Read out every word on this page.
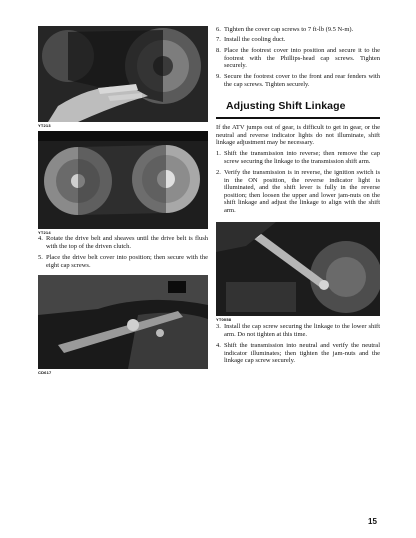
YT213
YT214
4. Rotate the drive belt and sheaves until the drive belt is flush with the top of the driven clutch.
5. Place the drive belt cover into position; then secure with the eight cap screws.
CD617
6. Tighten the cover cap screws to 7 ft-lb (9.5 N-m).
7. Install the cooling duct.
8. Place the footrest cover into position and secure it to the footrest with the Phillips-head cap screws. Tighten securely.
9. Secure the footrest cover to the front and rear fenders with the cap screws. Tighten securely.
Adjusting Shift Linkage
If the ATV jumps out of gear, is difficult to get in gear, or the neutral and reverse indicator lights do not illuminate, shift linkage adjustment may be necessary.
1. Shift the transmission into reverse; then remove the cap screw securing the linkage to the transmission shift arm.
2. Verify the transmission is in reverse, the ignition switch is in the ON position, the reverse indicator light is illuminated, and the shift lever is fully in the reverse position; then loosen the upper and lower jam-nuts on the shift linkage and adjust the linkage to align with the shift arm.
YT0058
3. Install the cap screw securing the linkage to the lower shift arm. Do not tighten at this time.
4. Shift the transmission into neutral and verify the neutral indicator illuminates; then tighten the jam-nuts and the linkage cap screw securely.
15
